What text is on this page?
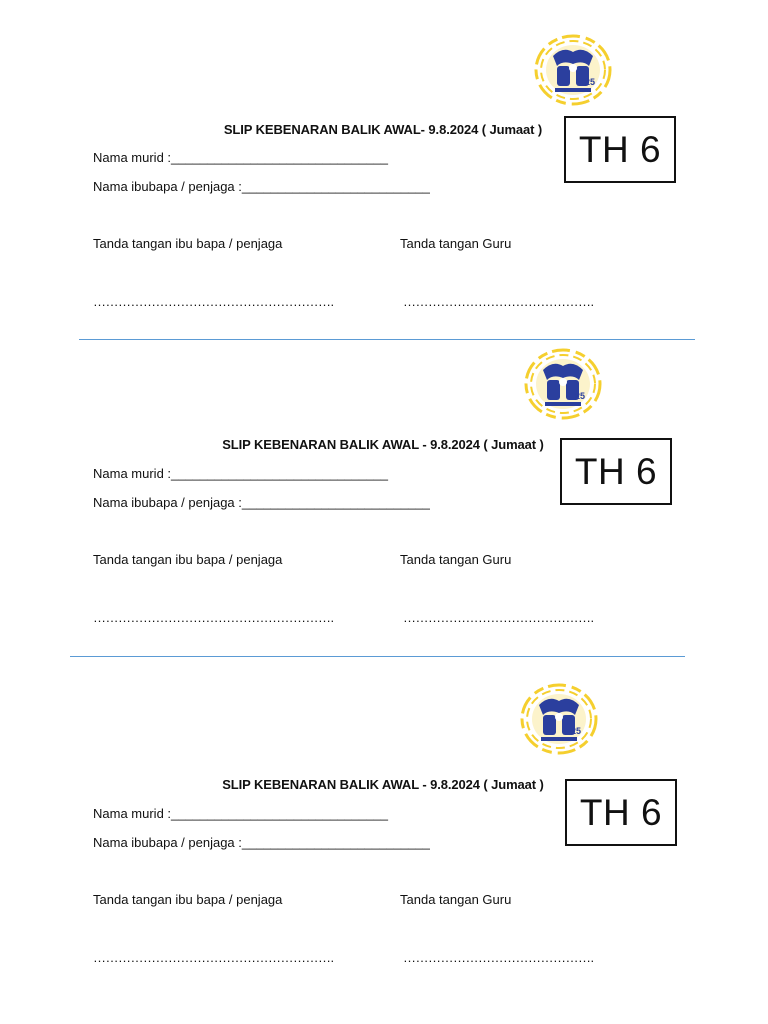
25
SLIP KEBENARAN BALIK AWAL- 9.8.2024 ( Jumaat ) TH 6
Nama murid :______________________________
Nama ibubapa / penjaga :__________________________
Tanda tangan ibu bapa / penjaga	Tanda tangan Guru
………………………………………………….	……………………………………….
25
SLIP KEBENARAN BALIK AWAL - 9.8.2024 ( Jumaat )
TH 6
Nama murid :______________________________
Nama ibubapa / penjaga :__________________________
Tanda tangan ibu bapa / penjaga	Tanda tangan Guru
………………………………………………….	……………………………………….
25
SLIP KEBENARAN BALIK AWAL - 9.8.2024 ( Jumaat )
TH 6
Nama murid :______________________________
Nama ibubapa / penjaga :__________________________
Tanda tangan ibu bapa / penjaga	Tanda tangan Guru
………………………………………………….	……………………………………….
